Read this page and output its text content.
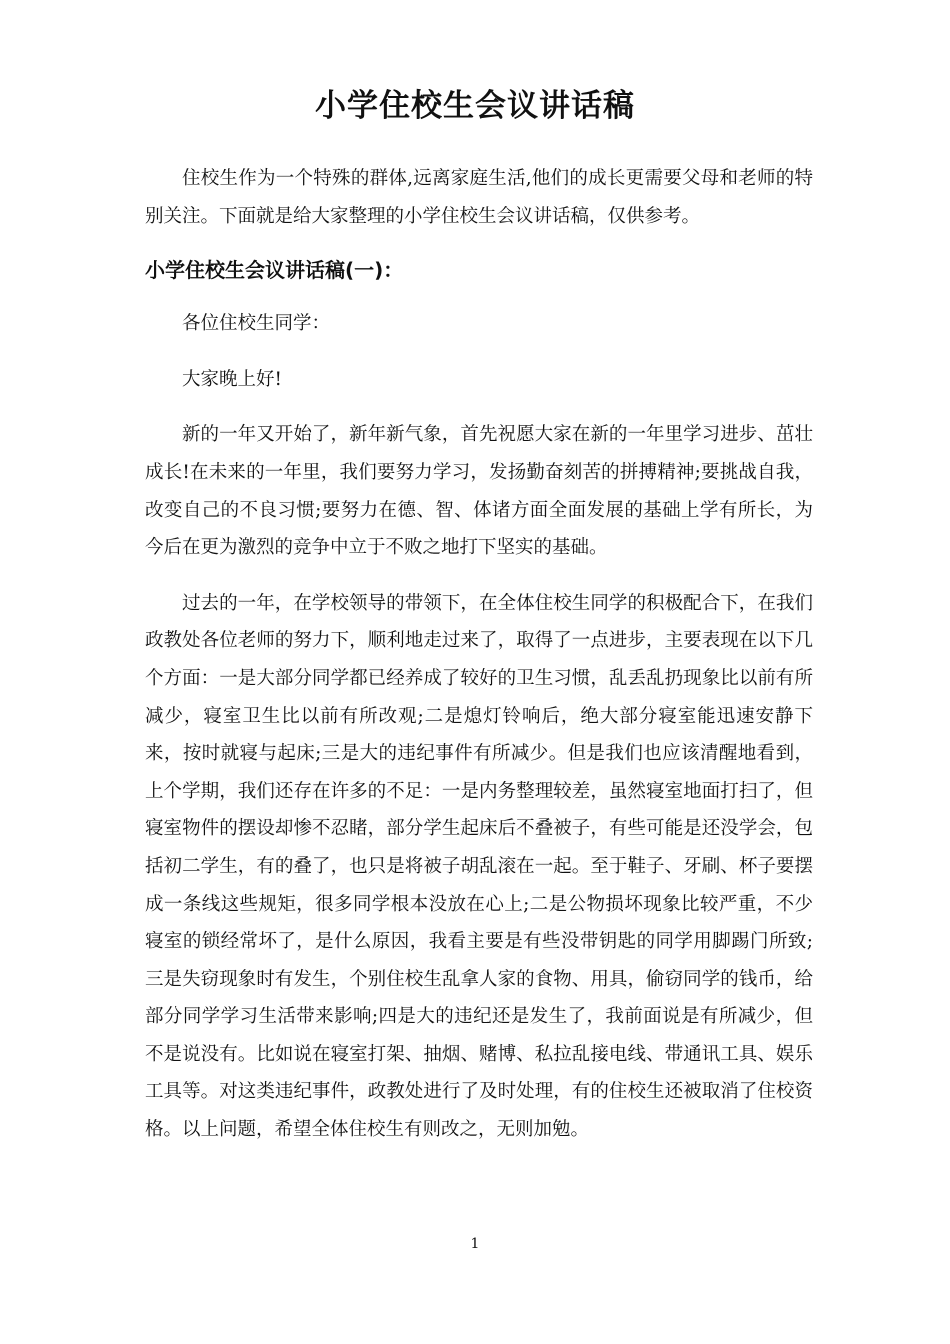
小学住校生会议讲话稿

住校生作为一个特殊的群体,远离家庭生活,他们的成长更需要父母和老师的特别关注。下面就是给大家整理的小学住校生会议讲话稿，仅供参考。

小学住校生会议讲话稿(一)：

各位住校生同学：

大家晚上好!

新的一年又开始了，新年新气象，首先祝愿大家在新的一年里学习进步、茁壮成长!在未来的一年里，我们要努力学习，发扬勤奋刻苦的拼搏精神;要挑战自我，改变自己的不良习惯;要努力在德、智、体诸方面全面发展的基础上学有所长，为今后在更为激烈的竞争中立于不败之地打下坚实的基础。

过去的一年，在学校领导的带领下，在全体住校生同学的积极配合下，在我们政教处各位老师的努力下，顺利地走过来了，取得了一点进步，主要表现在以下几个方面：一是大部分同学都已经养成了较好的卫生习惯，乱丢乱扔现象比以前有所减少，寝室卫生比以前有所改观;二是熄灯铃响后，绝大部分寝室能迅速安静下来，按时就寝与起床;三是大的违纪事件有所减少。但是我们也应该清醒地看到，上个学期，我们还存在许多的不足：一是内务整理较差，虽然寝室地面打扫了，但寝室物件的摆设却惨不忍睹，部分学生起床后不叠被子，有些可能是还没学会，包括初二学生，有的叠了，也只是将被子胡乱滚在一起。至于鞋子、牙刷、杯子要摆成一条线这些规矩，很多同学根本没放在心上;二是公物损坏现象比较严重，不少寝室的锁经常坏了，是什么原因，我看主要是有些没带钥匙的同学用脚踢门所致;三是失窃现象时有发生，个别住校生乱拿人家的食物、用具，偷窃同学的钱币，给部分同学学习生活带来影响;四是大的违纪还是发生了，我前面说是有所减少，但不是说没有。比如说在寝室打架、抽烟、赌博、私拉乱接电线、带通讯工具、娱乐工具等。对这类违纪事件，政教处进行了及时处理，有的住校生还被取消了住校资格。以上问题，希望全体住校生有则改之，无则加勉。

1
